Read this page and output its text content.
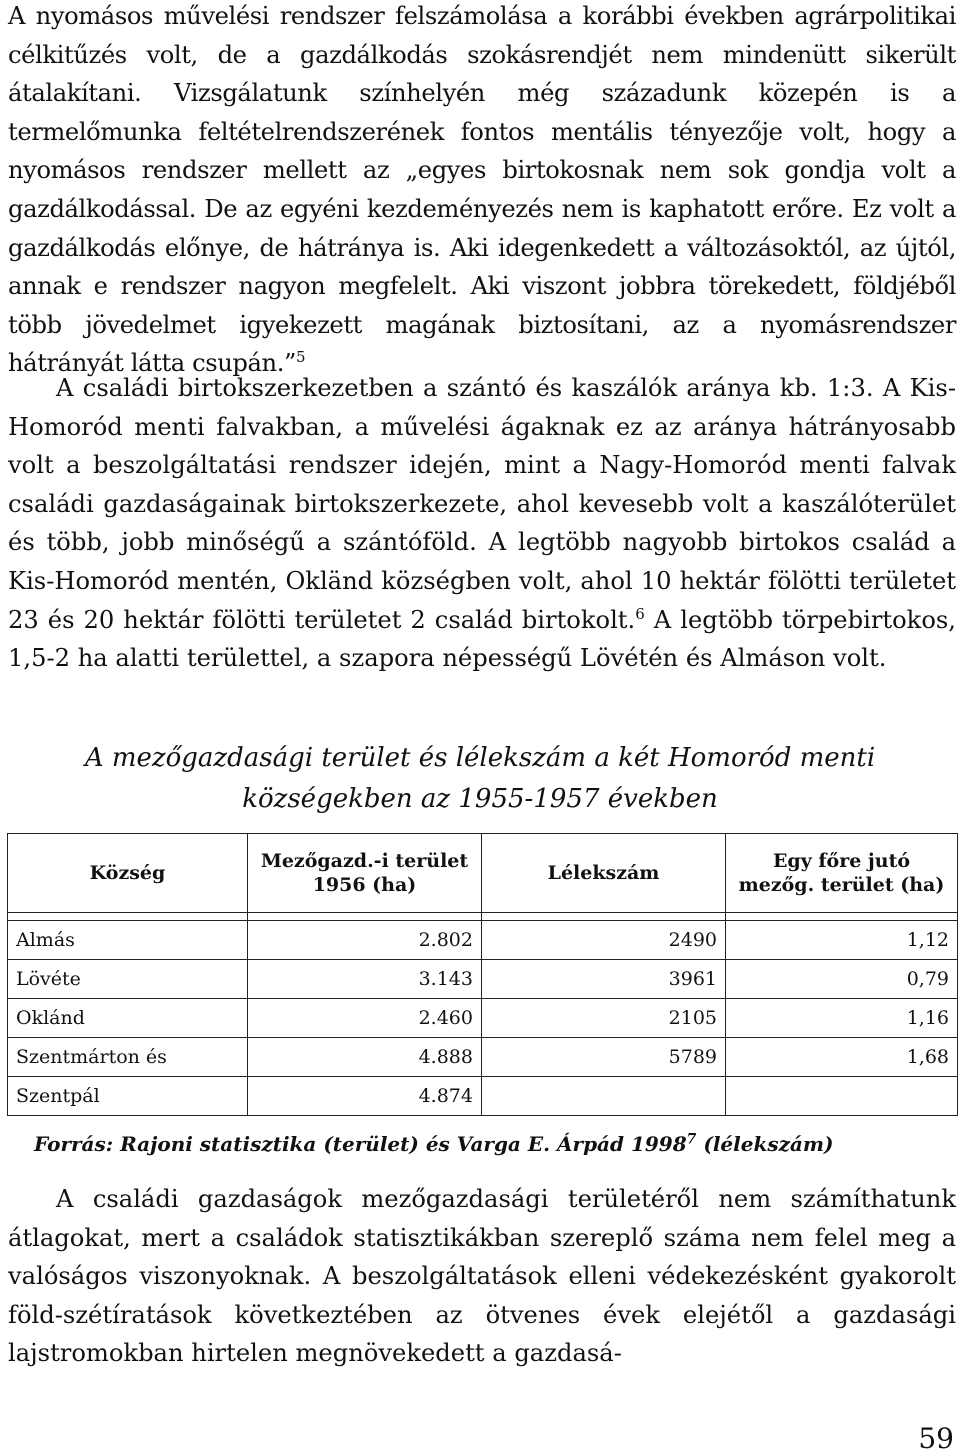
A nyomásos művelési rendszer felszámolása a korábbi években agrárpolitikai célkitűzés volt, de a gazdálkodás szokásrendjét nem mindenütt sikerült átalakítani. Vizsgálatunk színhelyén még századunk közepén is a termelőmunka feltételrendszerének fontos mentális tényezője volt, hogy a nyomásos rendszer mellett az „egyes birtokosnak nem sok gondja volt a gazdálkodással. De az egyéni kezdeményezés nem is kaphatott erőre. Ez volt a gazdálkodás előnye, de hátránya is. Aki idegenkedett a változásoktól, az újtól, annak e rendszer nagyon megfelelt. Aki viszont jobbra törekedett, földjéből több jövedelmet igyekezett magának biztosítani, az a nyomásrendszer hátrányát látta csupán.”$^5$

A családi birtokszerkezetben a szántó és kaszálók aránya kb. 1:3. A Kis-Homoród menti falvakban, a művelési ágaknak ez az aránya hátrányosabb volt a beszolgáltatási rendszer idején, mint a Nagy-Homoród menti falvak családi gazdaságainak birtokszerkezete, ahol kevesebb volt a kaszálóterület és több, jobb minőségű a szántóföld. A legtöbb nagyobb birtokos család a Kis-Homoród mentén, Okländ községben volt, ahol 10 hektár fölötti területet 23 és 20 hektár fölötti területet 2 család birtokolt.$^6$ A legtöbb törpebirtokos, 1,5-2 ha alatti területtel, a szapora népességű Lövétén és Almáson volt.

A mezőgazdasági terület és lélekszám a két Homoród menti

községekben az 1955-1957 években

Község	Mezőgazd.-i terület 1956 (ha)	Lélekszám	Egy főre jutó mezőg. terület (ha)

Almás	2.802	2490	1,12
Lövéte	3.143	3961	0,79
Oklánd	2.460	2105	1,16
Szentmárton és	4.888	5789	1,68
Szentpál	4.874		

Forrás: Rajoni statisztika (terület) és Varga E. Árpád 1998$^7$ (lélekszám)

A családi gazdaságok mezőgazdasági területéről nem számíthatunk átlagokat, mert a családok statisztikákban szereplő száma nem felel meg a valóságos viszonyoknak. A beszolgáltatások elleni védekezésként gyakorolt föld-szétíratások következtében az ötvenes évek elejétől a gazdasági lajstromokban hirtelen megnövekedett a gazdasá-

59
